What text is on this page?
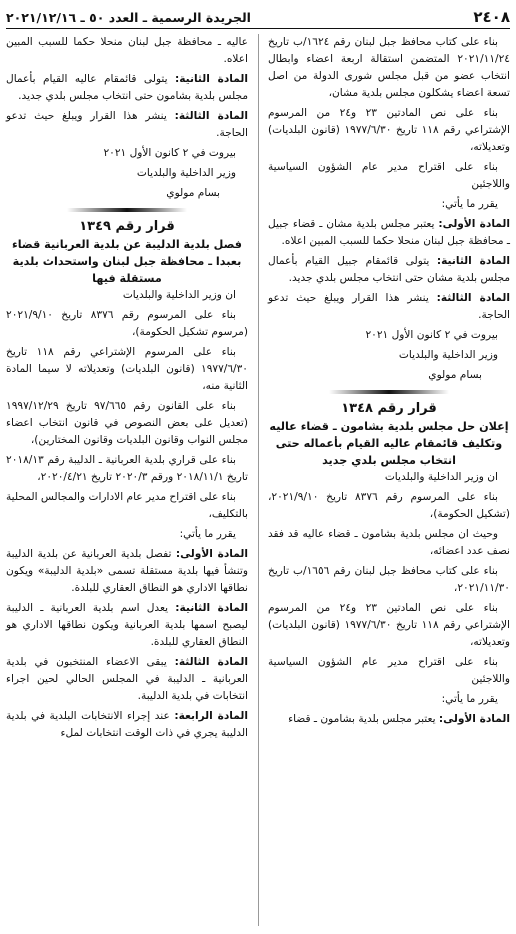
٢٤٠٨
الجريدة الرسمية ـ العدد ٥٠ ـ ٢٠٢١/١٢/١٦

بناء على كتاب محافظ جبل لبنان رقم ١٦٢٤/ب تاريخ ٢٠٢١/١١/٢٤ المتضمن استقالة اربعة اعضاء وابطال انتخاب عضو من قبل مجلس شورى الدولة من اصل تسعة اعضاء يشكلون مجلس بلدية مشان،

بناء على نص المادتين ٢٣ و٢٤ من المرسوم الإشتراعي رقم ١١٨ تاريخ ١٩٧٧/٦/٣٠ (قانون البلديات) وتعديلاته،

بناء على اقتراح مدير عام الشؤون السياسية واللاجئين

يقرر ما يأتي:

المادة الأولى: يعتبر مجلس بلدية مشان ـ قضاء جبيل ـ محافظة جبل لبنان منحلا حكما للسبب المبين اعلاه.

المادة الثانية: يتولى قائمقام جبيل القيام بأعمال مجلس بلدية مشان حتى انتخاب مجلس بلدي جديد.

المادة الثالثة: ينشر هذا القرار ويبلغ حيث تدعو الحاجة.

بيروت في ٢ كانون الأول ٢٠٢١

وزير الداخلية والبلديات

بسام مولوي

قرار رقم ١٣٤٨
إعلان حل مجلس بلدية بشامون ـ قضاء عاليه وتكليف قائمقام عاليه القيام بأعماله حتى انتخاب مجلس بلدي جديد

ان وزير الداخلية والبلديات

بناء على المرسوم رقم ٨٣٧٦ تاريخ ٢٠٢١/٩/١٠، (تشكيل الحكومة)،

وحيث ان مجلس بلدية بشامون ـ قضاء عاليه قد فقد نصف عدد اعضائه،

بناء على كتاب محافظ جبل لبنان رقم ١٦٥٦/ب تاريخ ٢٠٢١/١١/٣٠،

بناء على نص المادتين ٢٣ و٢٤ من المرسوم الإشتراعي رقم ١١٨ تاريخ ١٩٧٧/٦/٣٠ (قانون البلديات) وتعديلاته،

بناء على اقتراح مدير عام الشؤون السياسية واللاجئين

يقرر ما يأتي:

المادة الأولى: يعتبر مجلس بلدية بشامون ـ قضاء

عاليه ـ محافظة جبل لبنان منحلا حكما للسبب المبين اعلاه.

المادة الثانية: يتولى قائمقام عاليه القيام بأعمال مجلس بلدية بشامون حتى انتخاب مجلس بلدي جديد.

المادة الثالثة: ينشر هذا القرار ويبلغ حيث تدعو الحاجة.

بيروت في ٢ كانون الأول ٢٠٢١

وزير الداخلية والبلديات

بسام مولوي

قرار رقم ١٣٤٩
فصل بلدية الدليبة عن بلدية العربانية قضاء بعبدا ـ محافظة جبل لبنان واستحداث بلدية مستقلة فيها

ان وزير الداخلية والبلديات

بناء على المرسوم رقم ٨٣٧٦ تاريخ ٢٠٢١/٩/١٠ (مرسوم تشكيل الحكومة)،

بناء على المرسوم الإشتراعي رقم ١١٨ تاريخ ١٩٧٧/٦/٣٠ (قانون البلديات) وتعديلاته لا سيما المادة الثانية منه،

بناء على القانون رقم ٩٧/٦٦٥ تاريخ ١٩٩٧/١٢/٢٩ (تعديل على بعض النصوص في قانون انتخاب اعضاء مجلس النواب وقانون البلديات وقانون المختارين)،

بناء على قراري بلدية العربانية ـ الدليبة رقم ٢٠١٨/١٣ تاريخ ٢٠١٨/١١/١ ورقم ٢٠٢٠/٣ تاريخ ٢٠٢٠/٤/٢١،

بناء على اقتراح مدير عام الادارات والمجالس المحلية بالتكليف،

يقرر ما يأتي:

المادة الأولى: تفصل بلدية العربانية عن بلدية الدليبة وتنشأ فيها بلدية مستقلة تسمى «بلدية الدليبة» ويكون نطاقها الاداري هو النطاق العقاري للبلدة.

المادة الثانية: يعدل اسم بلدية العربانية ـ الدليبة ليصبح اسمها بلدية العربانية ويكون نطاقها الاداري هو النطاق العقاري للبلدة.

المادة الثالثة: يبقى الاعضاء المنتخبون في بلدية العربانية ـ الدليبة في المجلس الحالي لحين اجراء انتخابات في بلدية الدليبة.

المادة الرابعة: عند إجراء الانتخابات البلدية في بلدية الدليبة يجري في ذات الوقت انتخابات لملء
